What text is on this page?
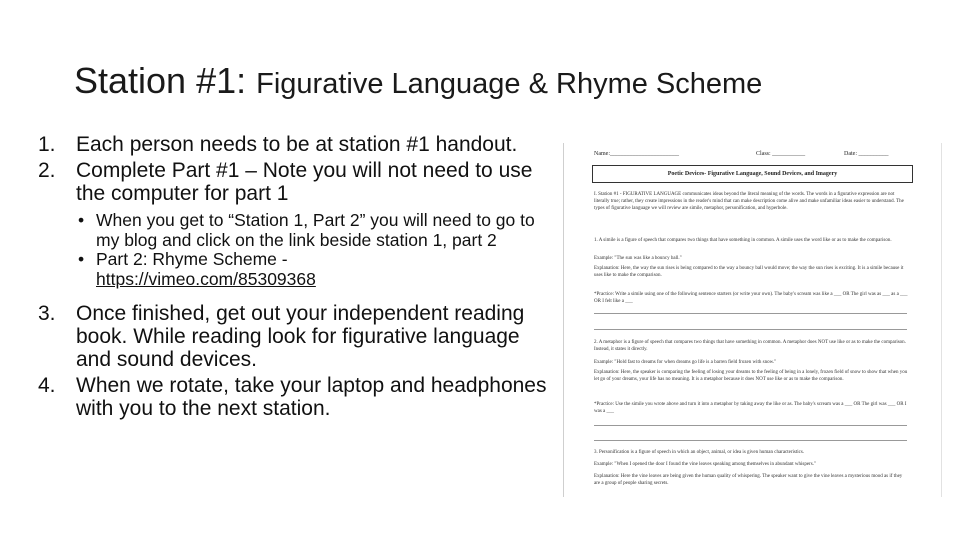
Station #1: Figurative Language & Rhyme Scheme
1. Each person needs to be at station #1 handout.
2. Complete Part #1 – Note you will not need to use the computer for part 1
• When you get to “Station 1, Part 2” you will need to go to my blog and click on the link beside station 1, part 2
• Part 2: Rhyme Scheme -
https://vimeo.com/85309368
3. Once finished, get out your independent reading book. While reading look for figurative language and sound devices.
4. When we rotate, take your laptop and headphones with you to the next station.
Name:_______________________	Class: ___________	Date: __________
Poetic Devices- Figurative Language, Sound Devices, and Imagery
I. Station #1 - FIGURATIVE LANGUAGE communicates ideas beyond the literal meaning of the words. The words in a figurative expression are not literally true; rather, they create impressions in the reader's mind that can make description come alive and make unfamiliar ideas easier to understand. The types of figurative language we will review are simile, metaphor, personification, and hyperbole.
1. A simile is a figure of speech that compares two things that have something in common. A simile uses the word like or as to make the comparison.
Example: "The sun was like a bouncy ball."
Explanation: Here, the way the sun rises is being compared to the way a bouncy ball would move; the way the sun rises is exciting. It is a simile because it uses like to make the comparison.
*Practice: Write a simile using one of the following sentence starters (or write your own). The baby's scream was like a ___ OR The girl was as ___ as a ___ OR I felt like a ___
2. A metaphor is a figure of speech that compares two things that have something in common. A metaphor does NOT use like or as to make the comparison. Instead, it states it directly.
Example: "Hold fast to dreams for when dreams go life is a barren field frozen with snow."
Explanation: Here, the speaker is comparing the feeling of losing your dreams to the feeling of being in a lonely, frozen field of snow to show that when you let go of your dreams, your life has no meaning. It is a metaphor because it does NOT use like or as to make the comparison.
*Practice: Use the simile you wrote above and turn it into a metaphor by taking away the like or as. The baby's scream was a ___ OR The girl was ___ OR I was a ___
3. Personification is a figure of speech in which an object, animal, or idea is given human characteristics.
Example: "When I opened the door I found the vine leaves speaking among themselves in abundant whispers."
Explanation: Here the vine leaves are being given the human quality of whispering. The speaker want to give the vine leaves a mysterious mood as if they are a group of people sharing secrets.
